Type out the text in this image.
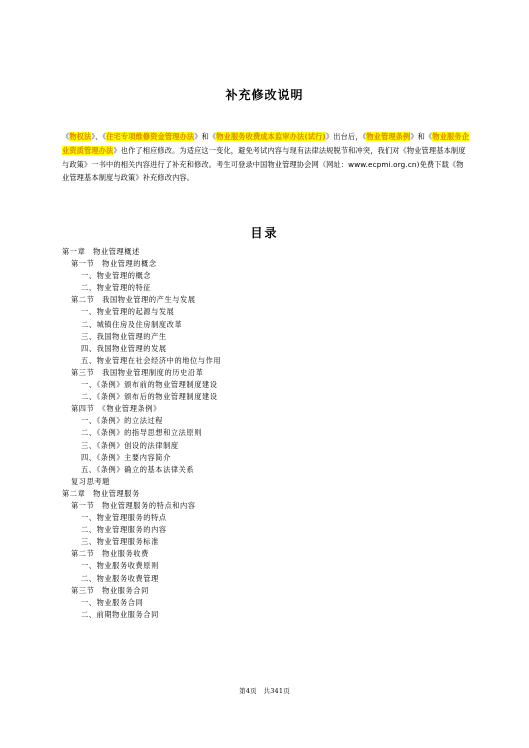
补充修改说明
《物权法》、《住宅专项维修资金管理办法》和《物业服务收费成本监审办法(试行)》出台后，《物业管理条例》和《物业服务企业资质管理办法》也作了相应修改。为适应这一变化，避免考试内容与现有法律法规脱节和冲突，我们对《物业管理基本制度与政策》一书中的相关内容进行了补充和修改。考生可登录中国物业管理协会网（网址：www.ecpmi.org.cn)免费下载《物业管理基本制度与政策》补充修改内容。
目录
第一章　物业管理概述
第一节　物业管理的概念
一、物业管理的概念
二、物业管理的特征
第二节　我国物业管理的产生与发展
一、物业管理的起源与发展
二、城镇住房及住房制度改革
三、我国物业管理的产生
四、我国物业管理的发展
五、物业管理在社会经济中的地位与作用
第三节　我国物业管理制度的历史沿革
一、《条例》颁布前的物业管理制度建设
二、《条例》颁布后的物业管理制度建设
第四节　《物业管理条例》
一、《条例》的立法过程
二、《条例》的指导思想和立法原则
三、《条例》创设的法律制度
四、《条例》主要内容简介
五、《条例》确立的基本法律关系
复习思考题
第二章　物业管理服务
第一节　物业管理服务的特点和内容
一、物业管理服务的特点
二、物业管理服务的内容
三、物业管理服务标准
第二节　物业服务收费
一、物业服务收费原则
二、物业服务收费管理
第三节　物业服务合同
一、物业服务合同
二、前期物业服务合同
第4页　共341页
